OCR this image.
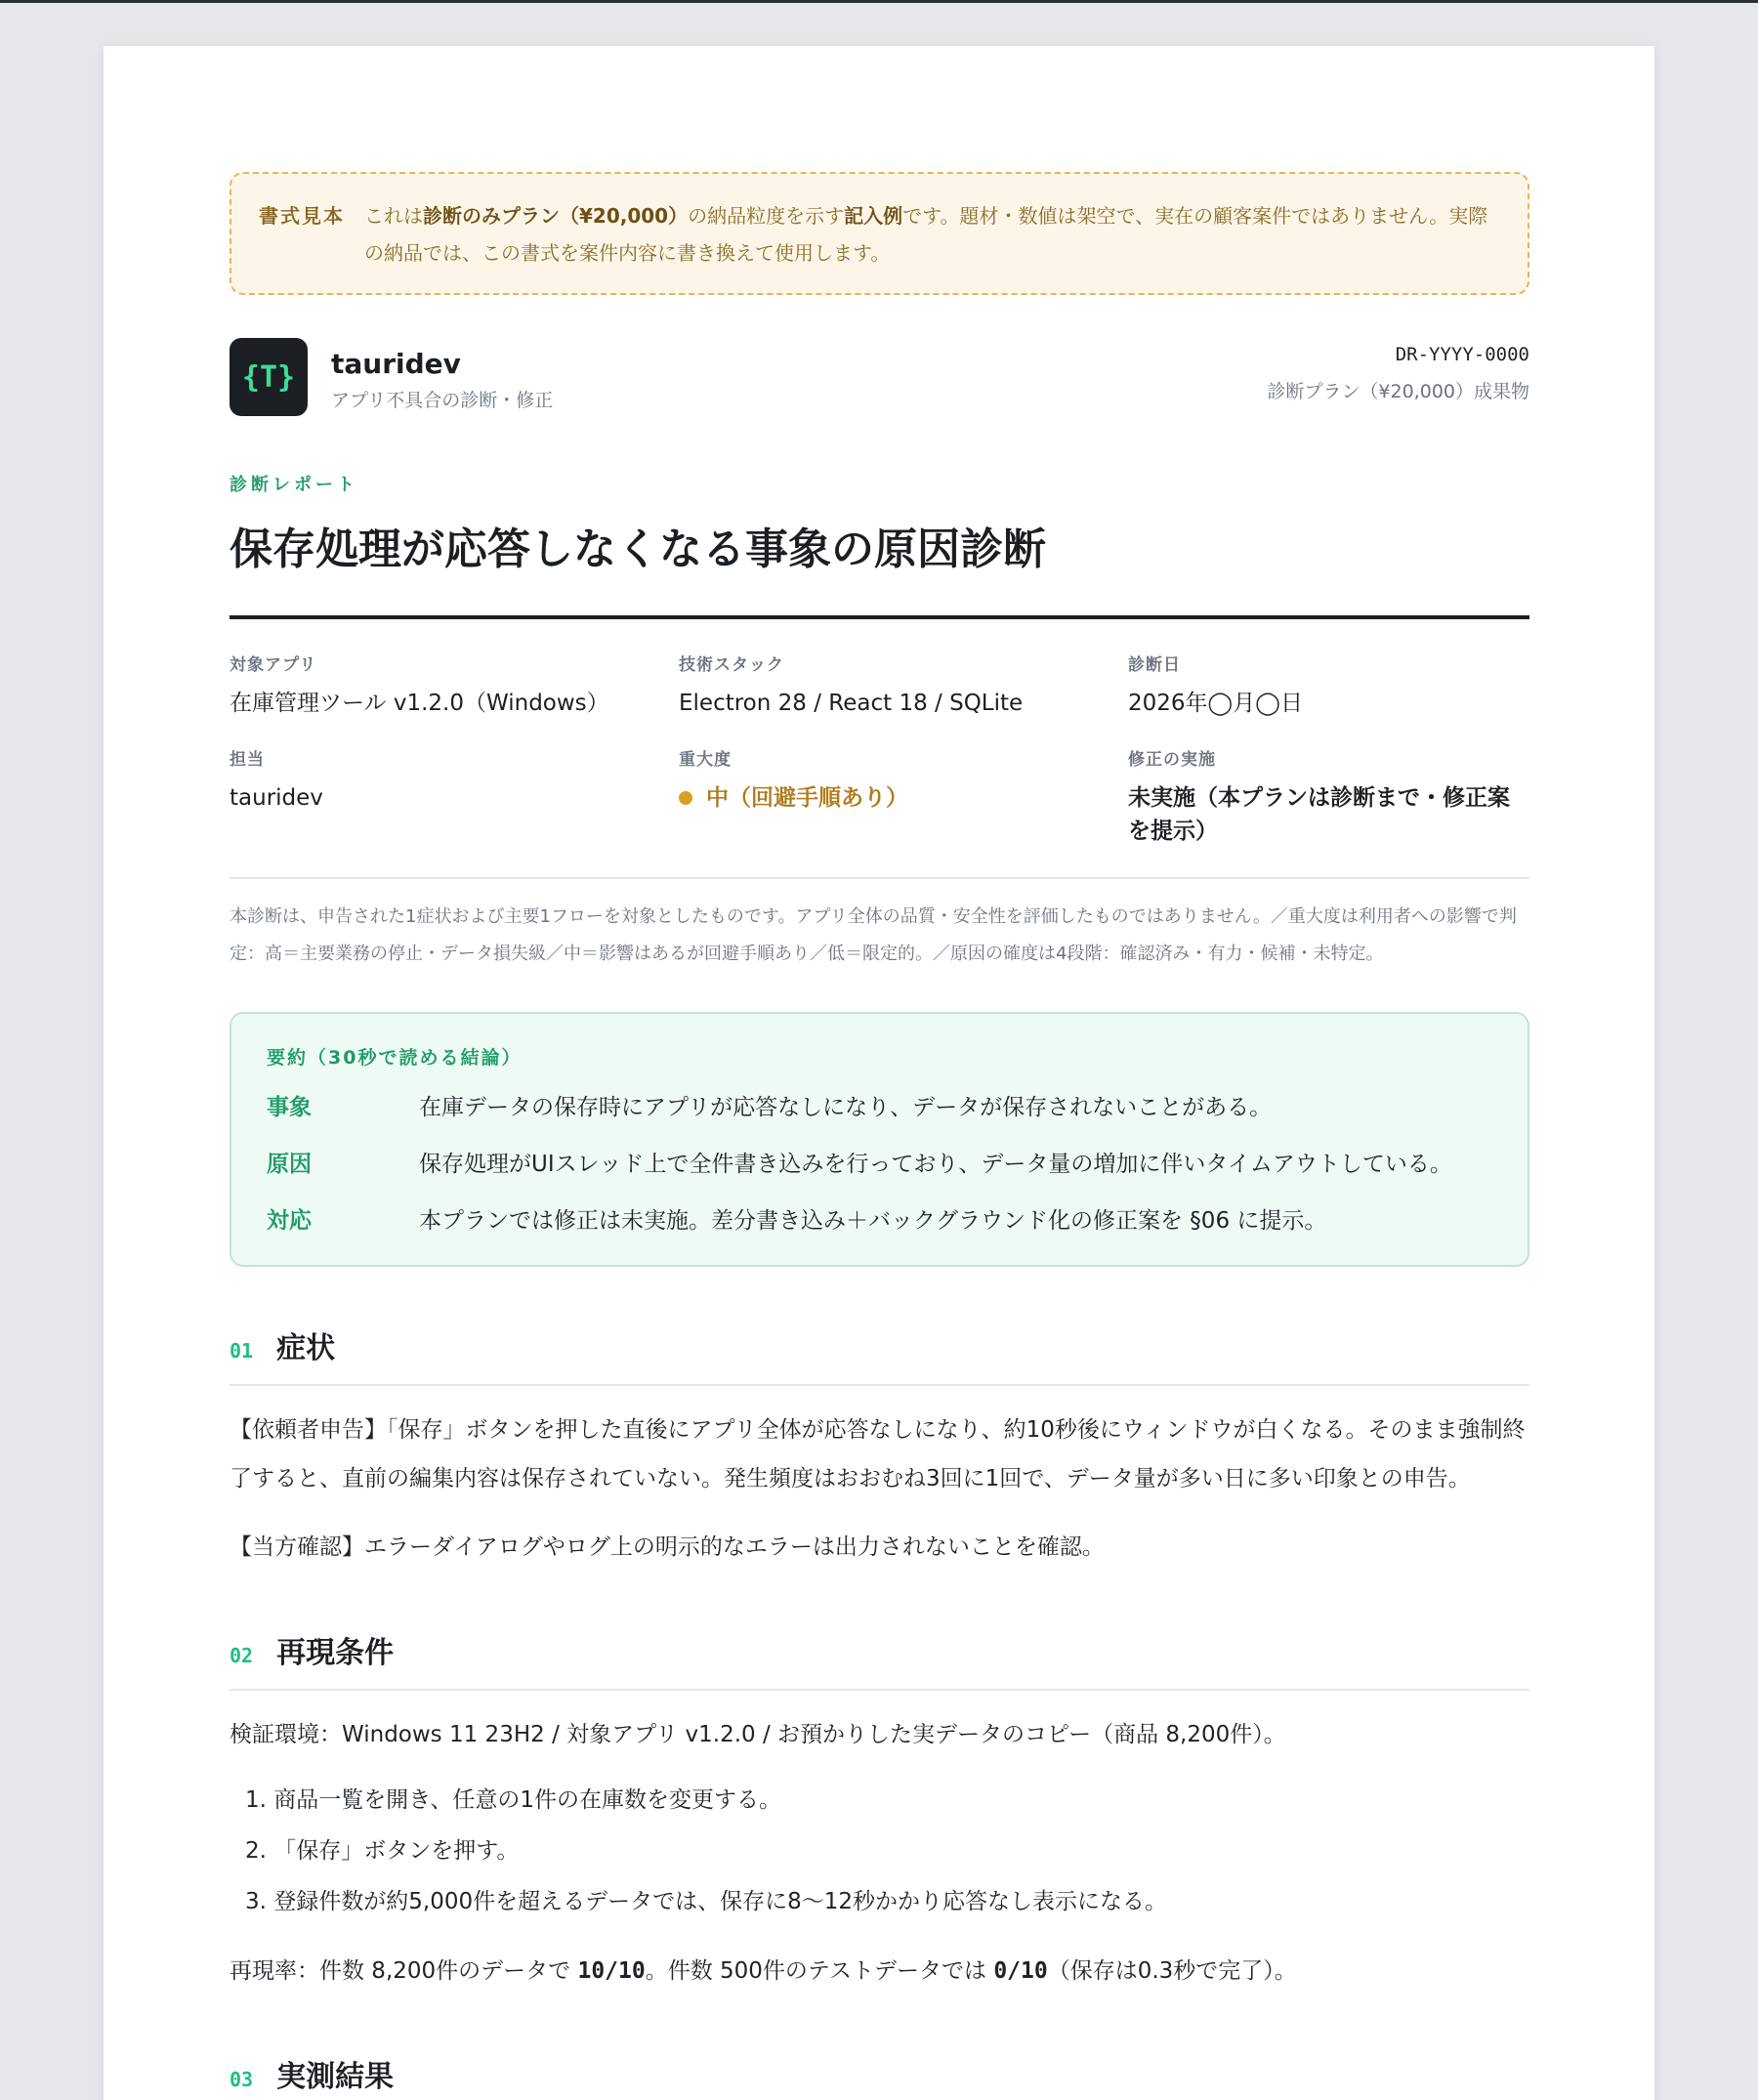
書式見本 これは診断のみプラン（¥20,000）の納品粒度を示す記入例です。題材・数値は架空で、実在の顧客案件ではありません。実際の納品では、この書式を案件内容に書き換えて使用します。
{T}	tauridev
アプリ不具合の診断・修正
DR-YYYY-0000
診断プラン（¥20,000）成果物
診断レポート
保存処理が応答しなくなる事象の原因診断
対象アプリ
在庫管理ツール v1.2.0（Windows）
技術スタック
Electron 28 / React 18 / SQLite
診断日
2026年◯月◯日
担当
tauridev
重大度
中（回避手順あり）
修正の実施
未実施（本プランは診断まで・修正案を提示）
本診断は、申告された1症状および主要1フローを対象としたものです。アプリ全体の品質・安全性を評価したものではありません。／重大度は利用者への影響で判定：高＝主要業務の停止・データ損失級／中＝影響はあるが回避手順あり／低＝限定的。／原因の確度は4段階：確認済み・有力・候補・未特定。
要約（30秒で読める結論）
事象	在庫データの保存時にアプリが応答なしになり、データが保存されないことがある。
原因	保存処理がUIスレッド上で全件書き込みを行っており、データ量の増加に伴いタイムアウトしている。
対応	本プランでは修正は未実施。差分書き込み＋バックグラウンド化の修正案を §06 に提示。
01 症状

【依頼者申告】「保存」ボタンを押した直後にアプリ全体が応答なしになり、約10秒後にウィンドウが白くなる。そのまま強制終了すると、直前の編集内容は保存されていない。発生頻度はおおむね3回に1回で、データ量が多い日に多い印象との申告。

【当方確認】エラーダイアログやログ上の明示的なエラーは出力されないことを確認。

02 再現条件

検証環境：Windows 11 23H2 / 対象アプリ v1.2.0 / お預かりした実データのコピー（商品 8,200件）。

1. 商品一覧を開き、任意の1件の在庫数を変更する。
2. 「保存」ボタンを押す。
3. 登録件数が約5,000件を超えるデータでは、保存に8〜12秒かかり応答なし表示になる。

再現率：件数 8,200件のデータで 10/10。件数 500件のテストデータでは 0/10（保存は0.3秒で完了）。

03 実測結果
